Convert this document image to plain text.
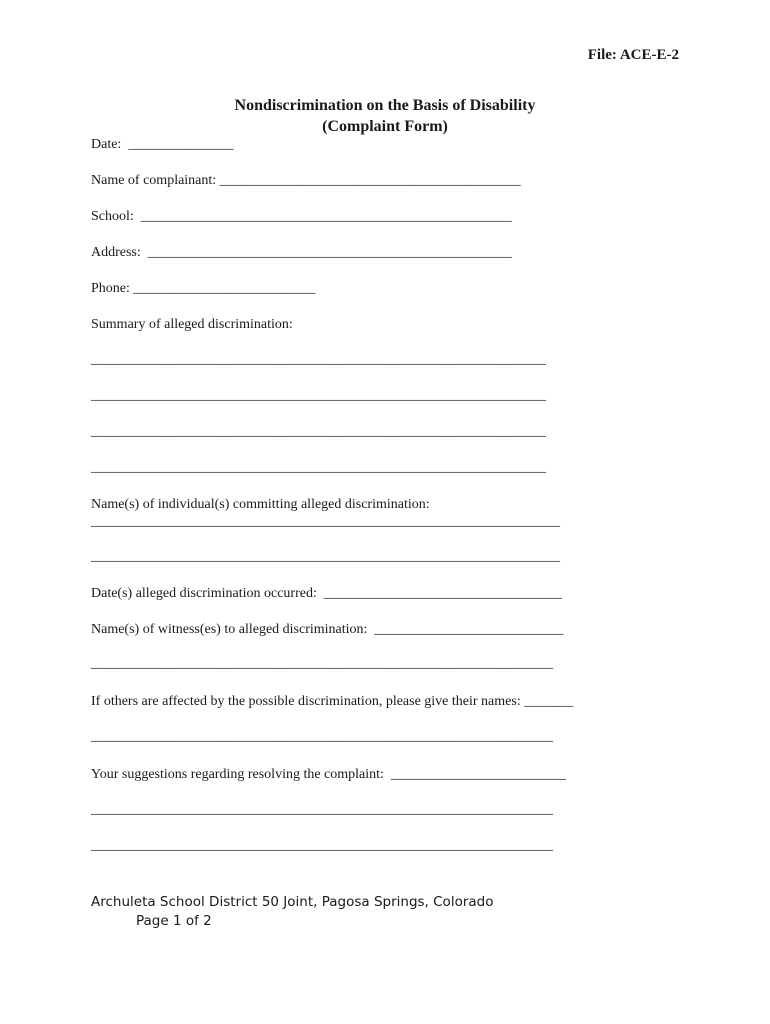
File: ACE-E-2
Nondiscrimination on the Basis of Disability
(Complaint Form)
Date:  _______________
Name of complainant: ___________________________________________
School:  _____________________________________________________
Address:  ____________________________________________________
Phone: __________________________
Summary of alleged discrimination:
_________________________________________________________________
_________________________________________________________________
_________________________________________________________________
_________________________________________________________________
Name(s) of individual(s) committing alleged discrimination:
___________________________________________________________________
___________________________________________________________________
Date(s) alleged discrimination occurred:  __________________________________
Name(s) of witness(es) to alleged discrimination:  ___________________________
__________________________________________________________________
If others are affected by the possible discrimination, please give their names: _______
__________________________________________________________________
Your suggestions regarding resolving the complaint:  _________________________
__________________________________________________________________
__________________________________________________________________
Archuleta School District 50 Joint, Pagosa Springs, Colorado
Page 1 of 2
